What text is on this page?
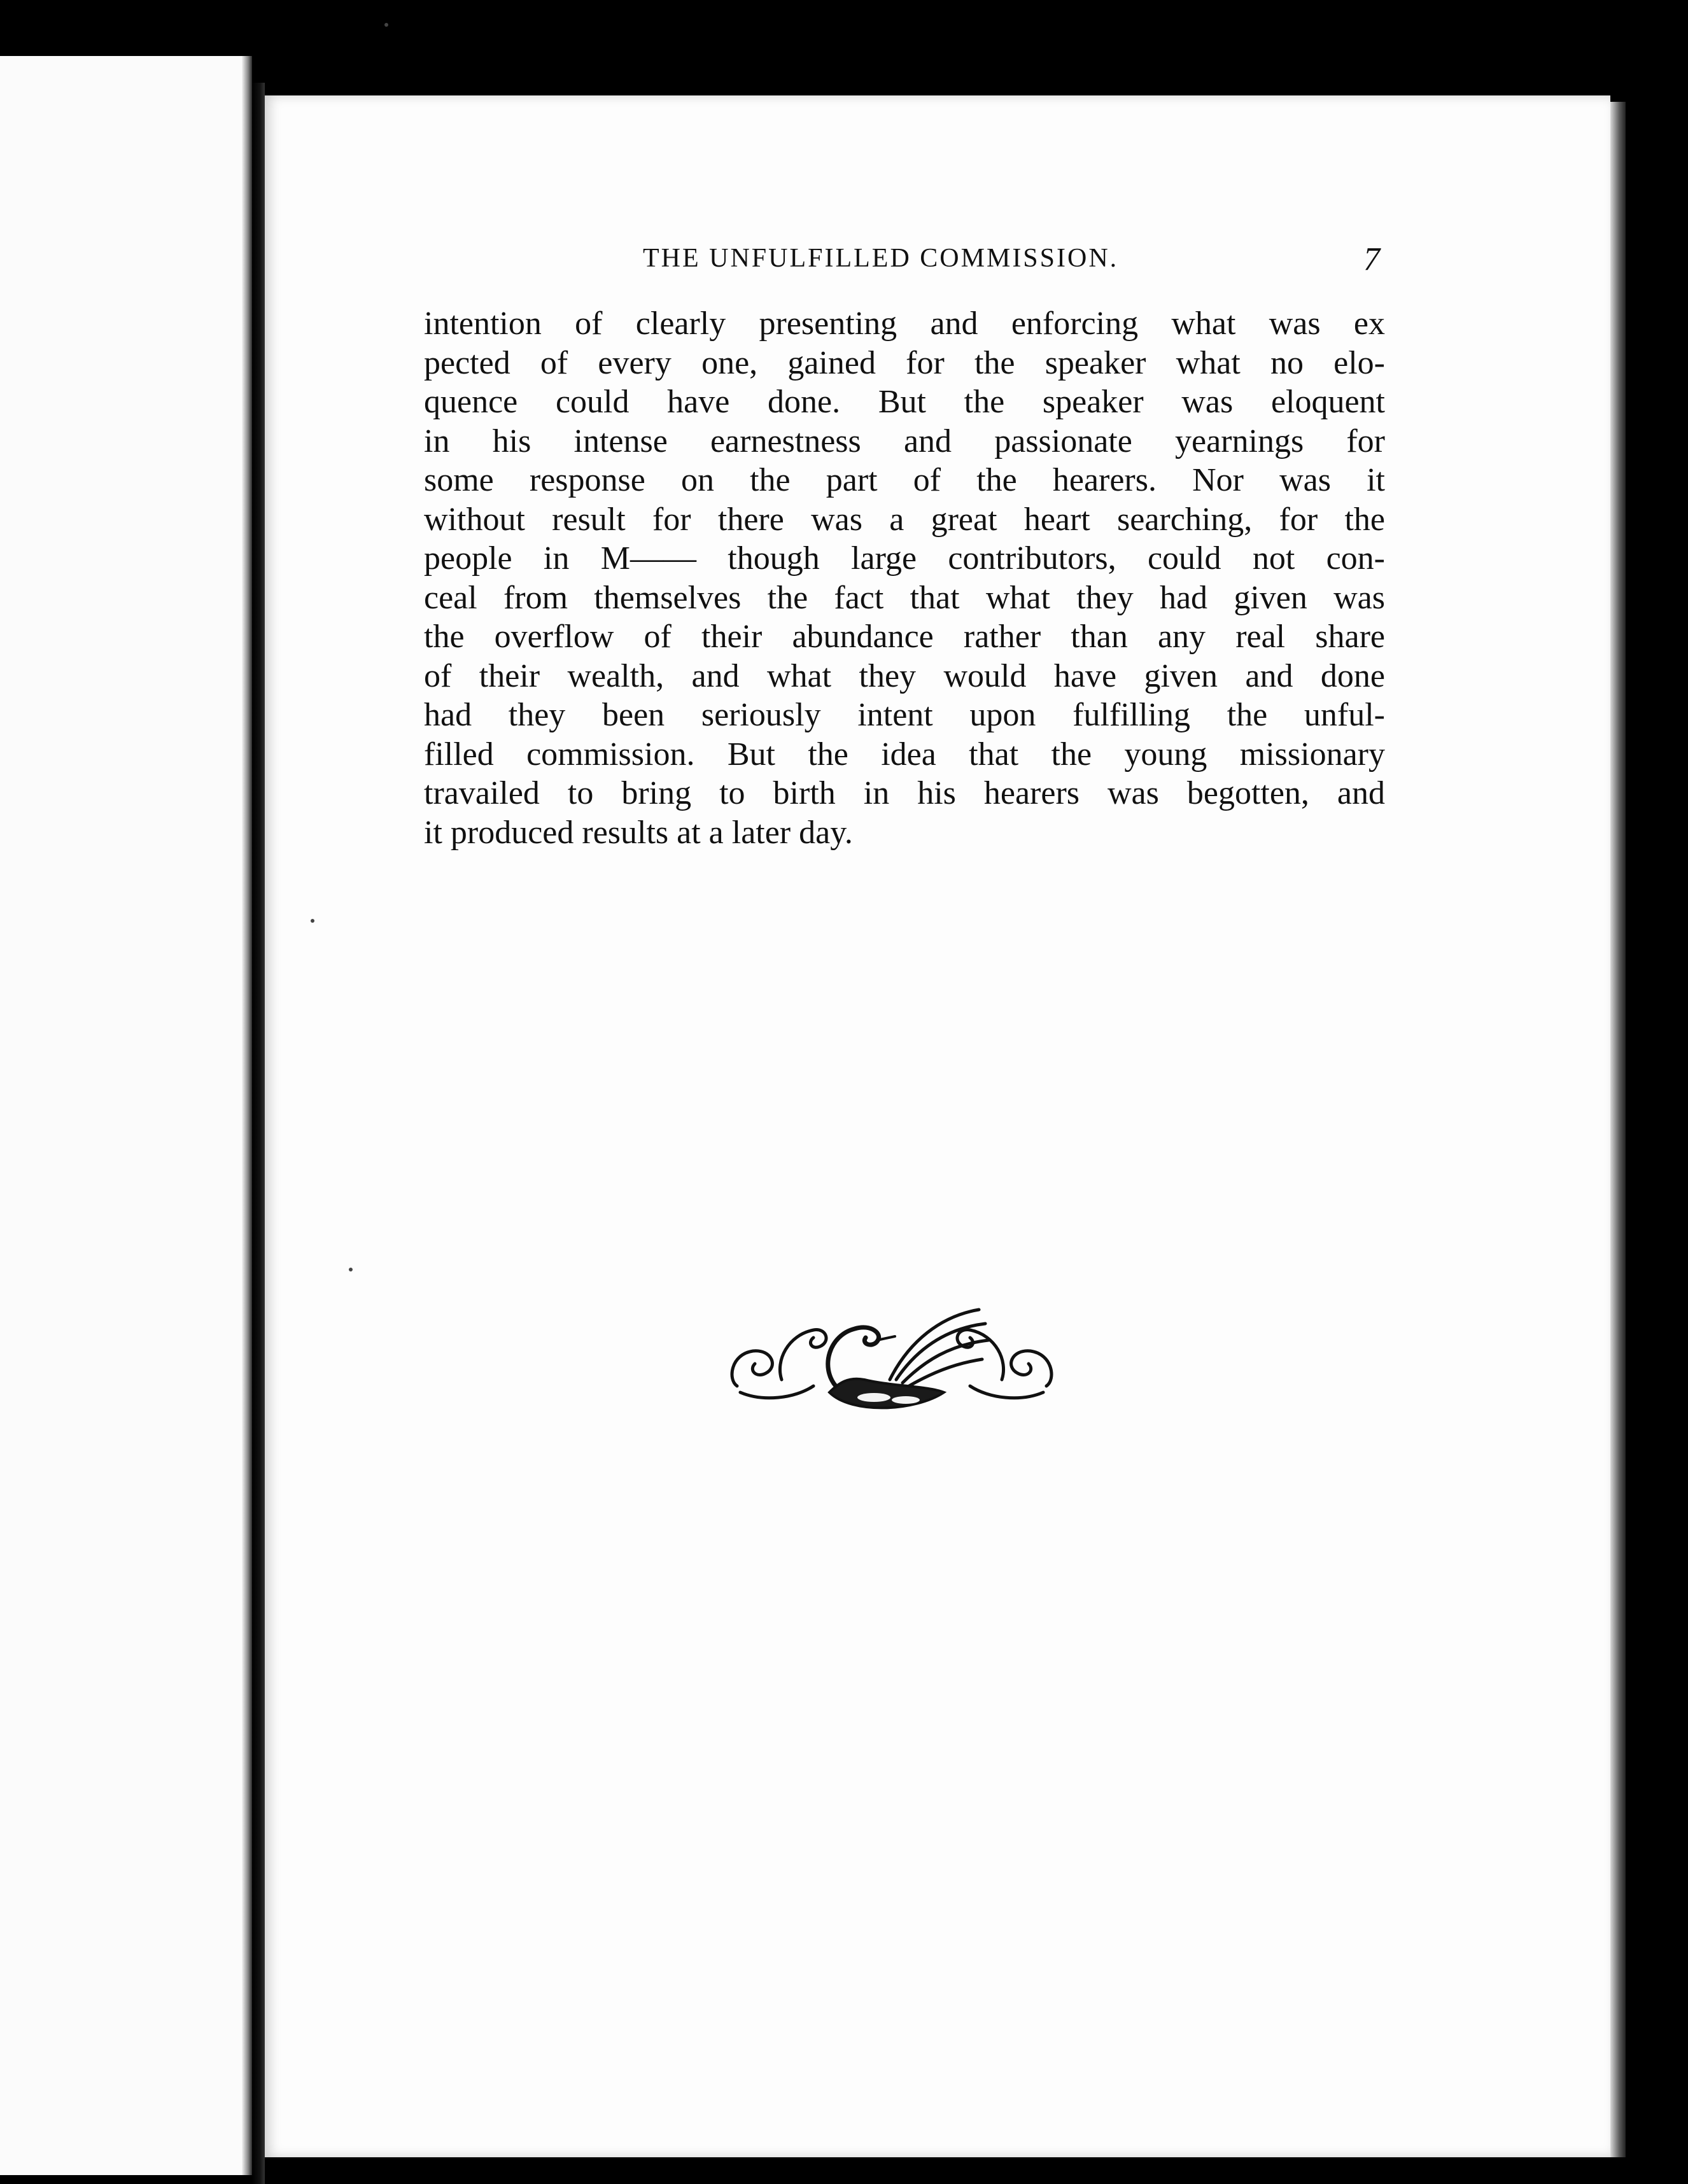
THE UNFULFILLED COMMISSION.	7
intention of clearly presenting and enforcing what was ex
pected of every one, gained for the speaker what no elo-
quence could have done. But the speaker was eloquent
in his intense earnestness and passionate yearnings for
some response on the part of the hearers. Nor was it
without result for there was a great heart searching, for the
people in M—— though large contributors, could not con-
ceal from themselves the fact that what they had given was
the overflow of their abundance rather than any real share
of their wealth, and what they would have given and done
had they been seriously intent upon fulfilling the unful-
filled commission. But the idea that the young missionary
travailed to bring to birth in his hearers was begotten, and
it produced results at a later day.
